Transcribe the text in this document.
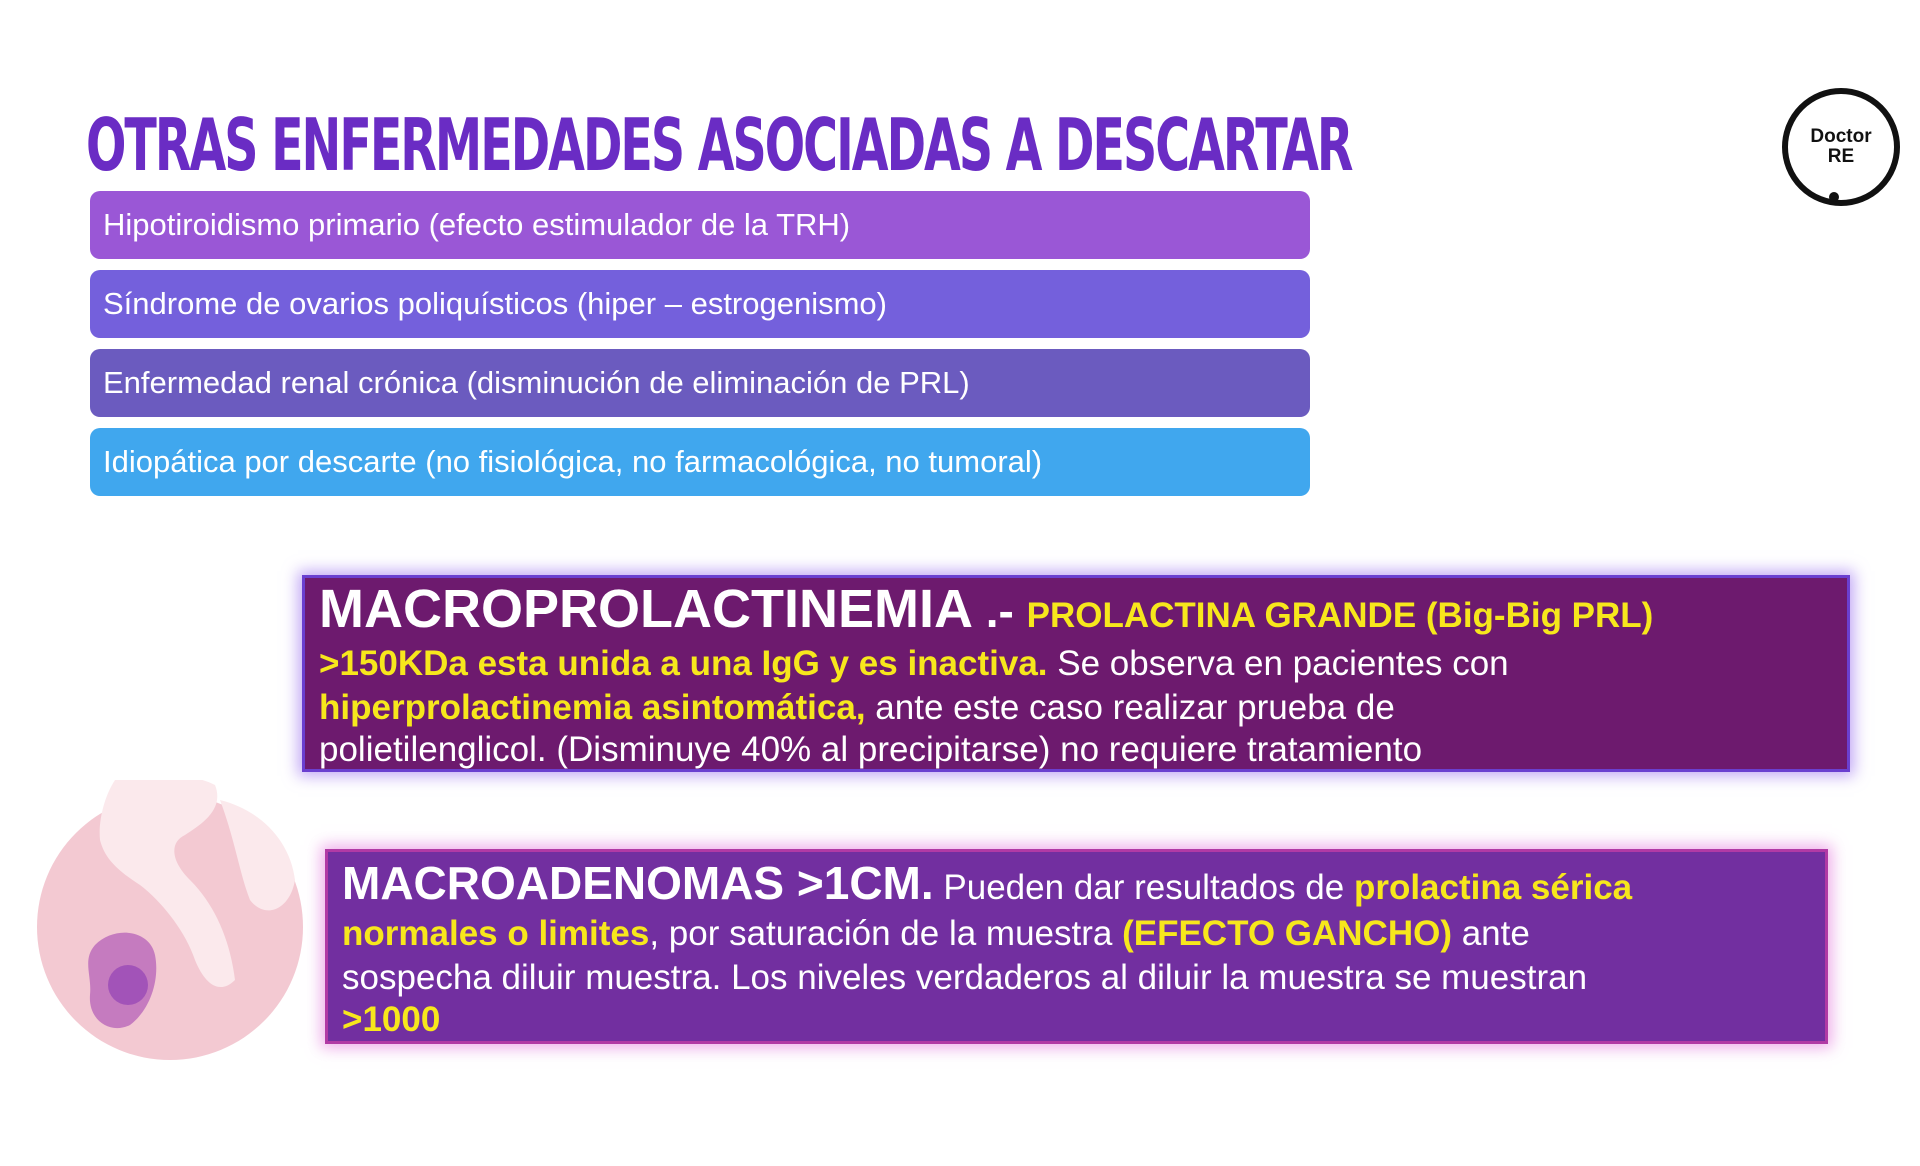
OTRAS ENFERMEDADES ASOCIADAS A DESCARTAR	Doctor
RE
Hipotiroidismo primario (efecto estimulador de la TRH)
Síndrome de ovarios poliquísticos (hiper – estrogenismo)
Enfermedad renal crónica (disminución de eliminación de PRL)
Idiopática por descarte (no fisiológica, no farmacológica, no tumoral)
MACROPROLACTINEMIA .- PROLACTINA GRANDE (Big-Big PRL)
>150KDa esta unida a una IgG y es inactiva. Se observa en pacientes con
hiperprolactinemia asintomática, ante este caso realizar prueba de
polietilenglicol. (Disminuye 40% al precipitarse) no requiere tratamiento
MACROADENOMAS >1CM. Pueden dar resultados de prolactina sérica
normales o limites, por saturación de la muestra (EFECTO GANCHO) ante
sospecha diluir muestra. Los niveles verdaderos al diluir la muestra se muestran
>1000
